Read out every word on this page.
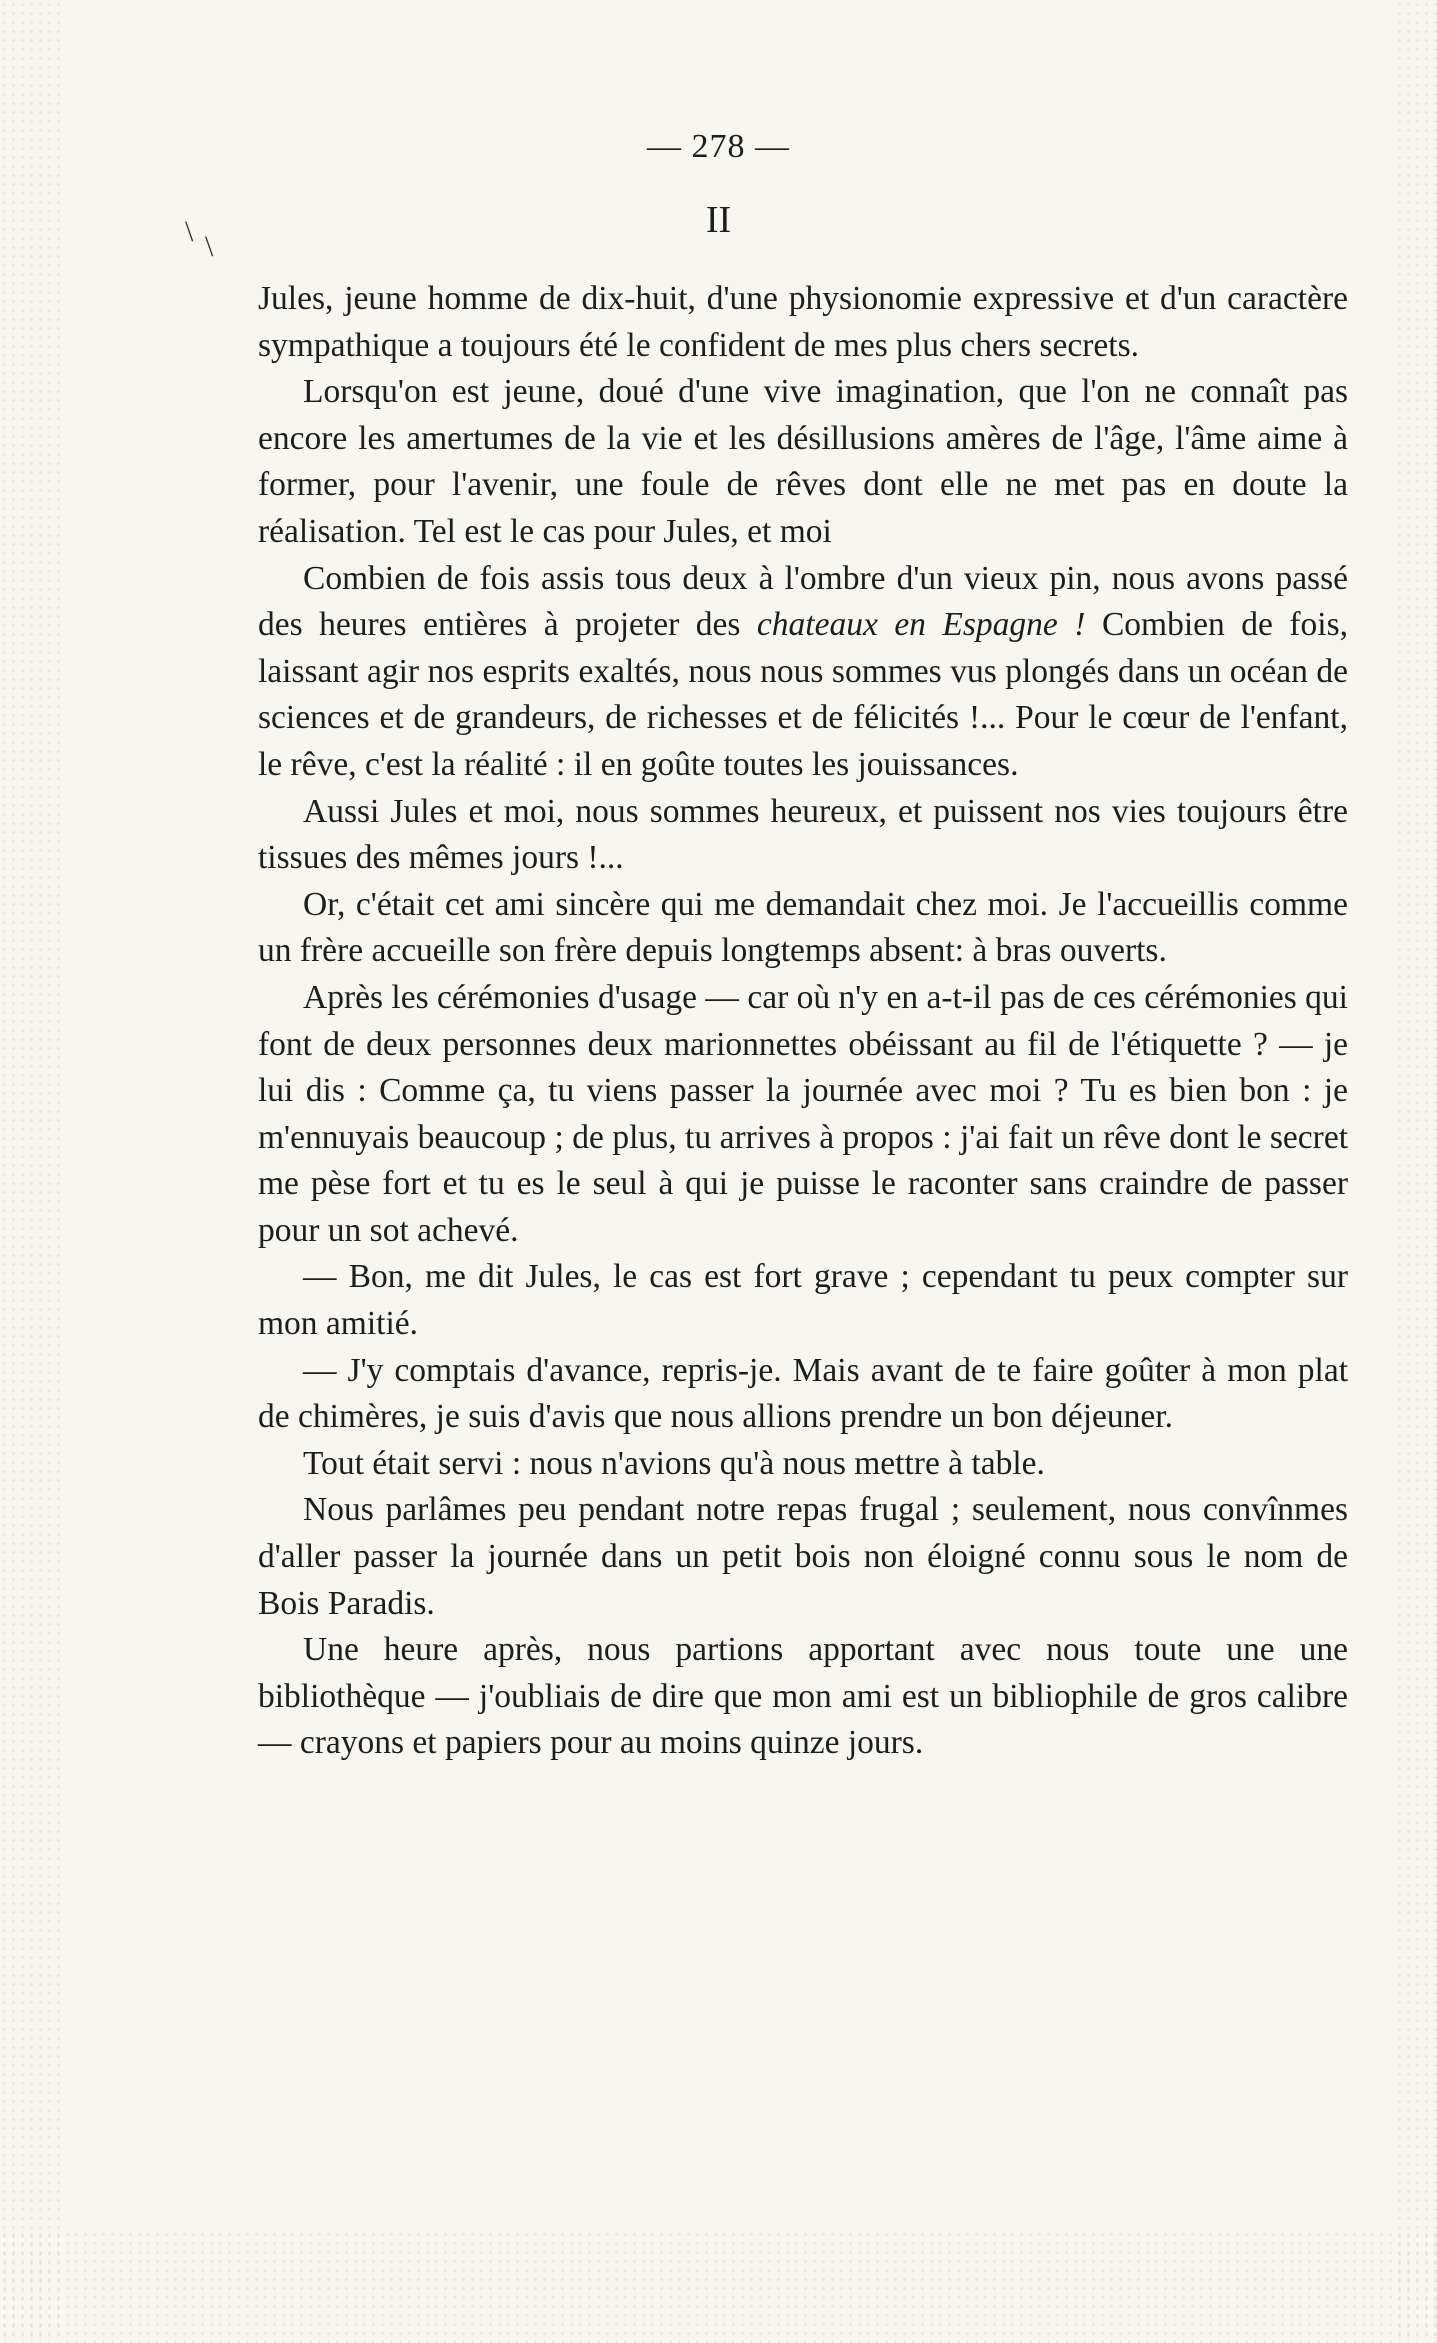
— 278 —
II
\ \

Jules, jeune homme de dix-huit, d'une physionomie expressive et d'un caractère sympathique a toujours été le confident de mes plus chers secrets.

Lorsqu'on est jeune, doué d'une vive imagination, que l'on ne connaît pas encore les amertumes de la vie et les désillusions amères de l'âge, l'âme aime à former, pour l'avenir, une foule de rêves dont elle ne met pas en doute la réalisation. Tel est le cas pour Jules, et moi

Combien de fois assis tous deux à l'ombre d'un vieux pin, nous avons passé des heures entières à projeter des chateaux en Espagne ! Combien de fois, laissant agir nos esprits exaltés, nous nous sommes vus plongés dans un océan de sciences et de grandeurs, de richesses et de félicités !... Pour le cœur de l'enfant, le rêve, c'est la réalité : il en goûte toutes les jouissances.

Aussi Jules et moi, nous sommes heureux, et puissent nos vies toujours être tissues des mêmes jours !...

Or, c'était cet ami sincère qui me demandait chez moi. Je l'accueillis comme un frère accueille son frère depuis longtemps absent: à bras ouverts.

Après les cérémonies d'usage — car où n'y en a-t-il pas de ces cérémonies qui font de deux personnes deux marionnettes obéissant au fil de l'étiquette ? — je lui dis : Comme ça, tu viens passer la journée avec moi ? Tu es bien bon : je m'ennuyais beaucoup ; de plus, tu arrives à propos : j'ai fait un rêve dont le secret me pèse fort et tu es le seul à qui je puisse le raconter sans craindre de passer pour un sot achevé.

— Bon, me dit Jules, le cas est fort grave ; cependant tu peux compter sur mon amitié.

— J'y comptais d'avance, repris-je. Mais avant de te faire goûter à mon plat de chimères, je suis d'avis que nous allions prendre un bon déjeuner.

Tout était servi : nous n'avions qu'à nous mettre à table.

Nous parlâmes peu pendant notre repas frugal ; seulement, nous convînmes d'aller passer la journée dans un petit bois non éloigné connu sous le nom de Bois Paradis.

Une heure après, nous partions apportant avec nous toute une une bibliothèque — j'oubliais de dire que mon ami est un bibliophile de gros calibre — crayons et papiers pour au moins quinze jours.
